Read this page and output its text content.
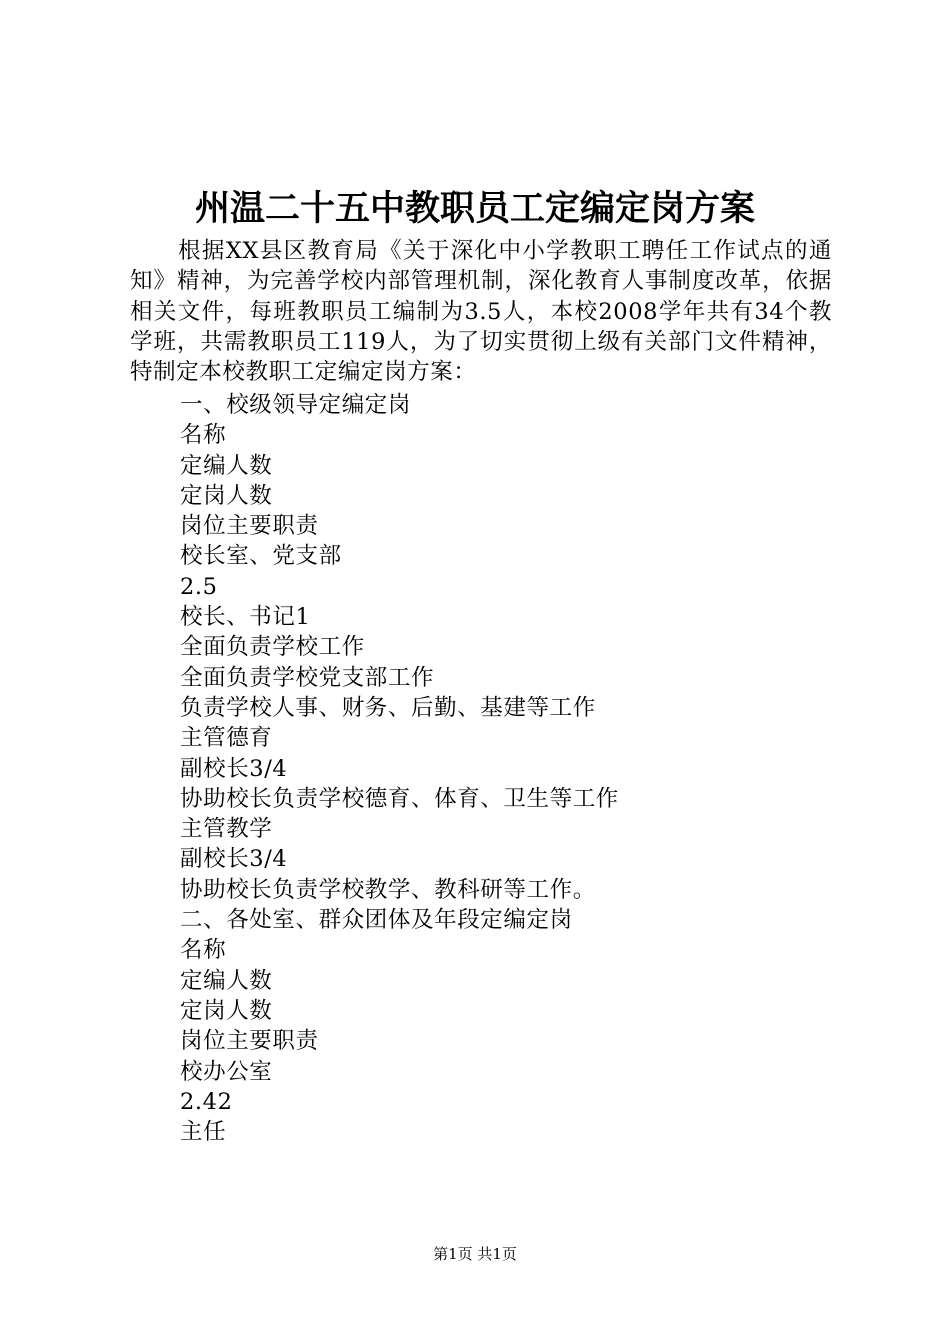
州温二十五中教职员工定编定岗方案

根据XX县区教育局《关于深化中小学教职工聘任工作试点的通知》精神，为完善学校内部管理机制，深化教育人事制度改革，依据相关文件，每班教职员工编制为3.5人，本校2008学年共有34个教学班，共需教职员工119人，为了切实贯彻上级有关部门文件精神，特制定本校教职工定编定岗方案：

一、校级领导定编定岗
名称
定编人数
定岗人数
岗位主要职责
校长室、党支部
2.5
校长、书记1
全面负责学校工作
全面负责学校党支部工作
负责学校人事、财务、后勤、基建等工作
主管德育
副校长3/4
协助校长负责学校德育、体育、卫生等工作
主管教学
副校长3/4
协助校长负责学校教学、教科研等工作。
二、各处室、群众团体及年段定编定岗
名称
定编人数
定岗人数
岗位主要职责
校办公室
2.42
主任
第1页 共1页
